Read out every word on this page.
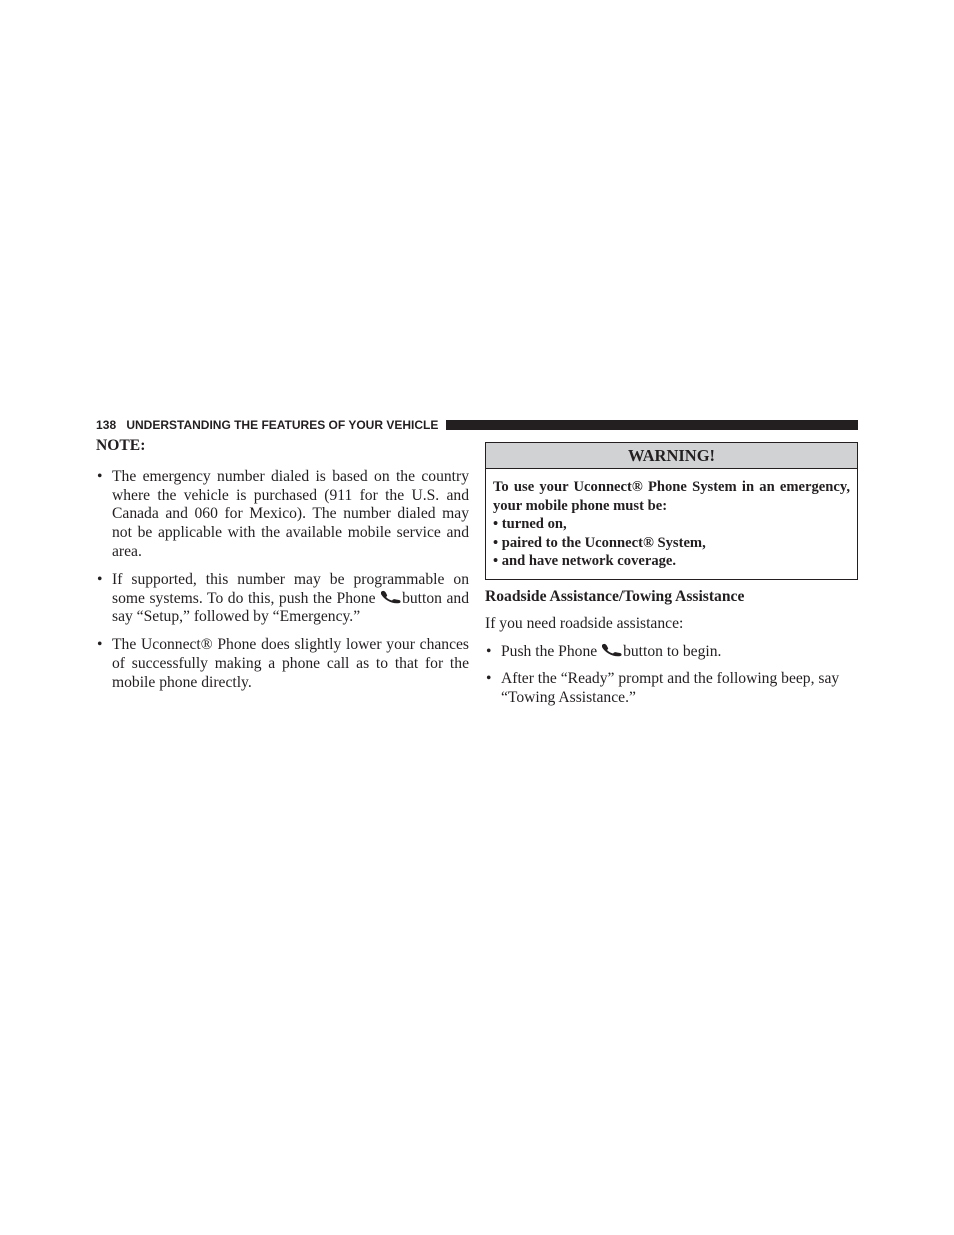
138 UNDERSTANDING THE FEATURES OF YOUR VEHICLE
NOTE:
• The emergency number dialed is based on the country where the vehicle is purchased (911 for the U.S. and Canada and 060 for Mexico). The number dialed may not be applicable with the available mobile service and area.
• If supported, this number may be programmable on some systems. To do this, push the Phone button and say “Setup,” followed by “Emergency.”
• The Uconnect® Phone does slightly lower your chances of successfully making a phone call as to that for the mobile phone directly.
WARNING!

To use your Uconnect® Phone System in an emergency, your mobile phone must be:

• turned on,
• paired to the Uconnect® System,
• and have network coverage.
Roadside Assistance/Towing Assistance
If you need roadside assistance:
• Push the Phone button to begin.
• After the “Ready” prompt and the following beep, say “Towing Assistance.”
